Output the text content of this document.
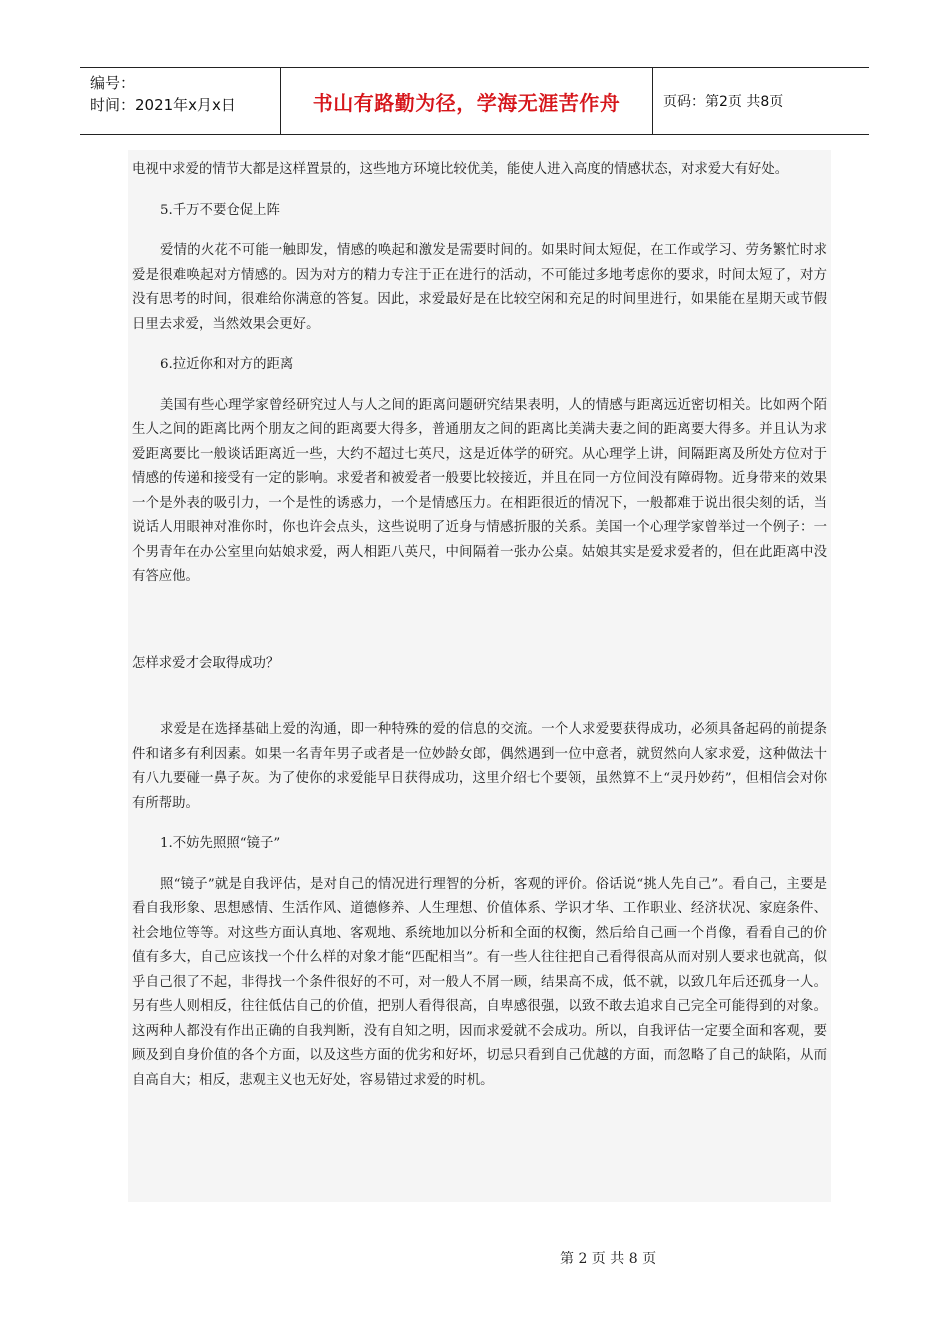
编号：
时间：2021年x月x日	书山有路勤为径，学海无涯苦作舟	页码：第2页 共8页

电视中求爱的情节大都是这样置景的，这些地方环境比较优美，能使人进入高度的情感状态，对求爱大有好处。

5.千万不要仓促上阵

爱情的火花不可能一触即发，情感的唤起和激发是需要时间的。如果时间太短促，在工作或学习、劳务繁忙时求爱是很难唤起对方情感的。因为对方的精力专注于正在进行的活动，不可能过多地考虑你的要求，时间太短了，对方没有思考的时间，很难给你满意的答复。因此，求爱最好是在比较空闲和充足的时间里进行，如果能在星期天或节假日里去求爱，当然效果会更好。

6.拉近你和对方的距离

美国有些心理学家曾经研究过人与人之间的距离问题研究结果表明，人的情感与距离远近密切相关。比如两个陌生人之间的距离比两个朋友之间的距离要大得多，普通朋友之间的距离比美满夫妻之间的距离要大得多。并且认为求爱距离要比一般谈话距离近一些，大约不超过七英尺，这是近体学的研究。从心理学上讲，间隔距离及所处方位对于情感的传递和接受有一定的影响。求爱者和被爱者一般要比较接近，并且在同一方位间没有障碍物。近身带来的效果一个是外表的吸引力，一个是性的诱惑力，一个是情感压力。在相距很近的情况下，一般都难于说出很尖刻的话，当说话人用眼神对准你时，你也许会点头，这些说明了近身与情感折服的关系。美国一个心理学家曾举过一个例子：一个男青年在办公室里向姑娘求爱，两人相距八英尺，中间隔着一张办公桌。姑娘其实是爱求爱者的，但在此距离中没有答应他。

怎样求爱才会取得成功？

求爱是在选择基础上爱的沟通，即一种特殊的爱的信息的交流。一个人求爱要获得成功，必须具备起码的前提条件和诸多有利因素。如果一名青年男子或者是一位妙龄女郎，偶然遇到一位中意者，就贸然向人家求爱，这种做法十有八九要碰一鼻子灰。为了使你的求爱能早日获得成功，这里介绍七个要领，虽然算不上“灵丹妙药”，但相信会对你有所帮助。

1.不妨先照照“镜子”

照“镜子”就是自我评估，是对自己的情况进行理智的分析，客观的评价。俗话说“挑人先自己”。看自己，主要是看自我形象、思想感情、生活作风、道德修养、人生理想、价值体系、学识才华、工作职业、经济状况、家庭条件、社会地位等等。对这些方面认真地、客观地、系统地加以分析和全面的权衡，然后给自己画一个肖像，看看自己的价值有多大，自己应该找一个什么样的对象才能“匹配相当”。有一些人往往把自己看得很高从而对别人要求也就高，似乎自己很了不起，非得找一个条件很好的不可，对一般人不屑一顾，结果高不成，低不就，以致几年后还孤身一人。另有些人则相反，往往低估自己的价值，把别人看得很高，自卑感很强，以致不敢去追求自己完全可能得到的对象。这两种人都没有作出正确的自我判断，没有自知之明，因而求爱就不会成功。所以，自我评估一定要全面和客观，要顾及到自身价值的各个方面，以及这些方面的优劣和好坏，切忌只看到自己优越的方面，而忽略了自己的缺陷，从而自高自大；相反，悲观主义也无好处，容易错过求爱的时机。

第 2 页 共 8 页
